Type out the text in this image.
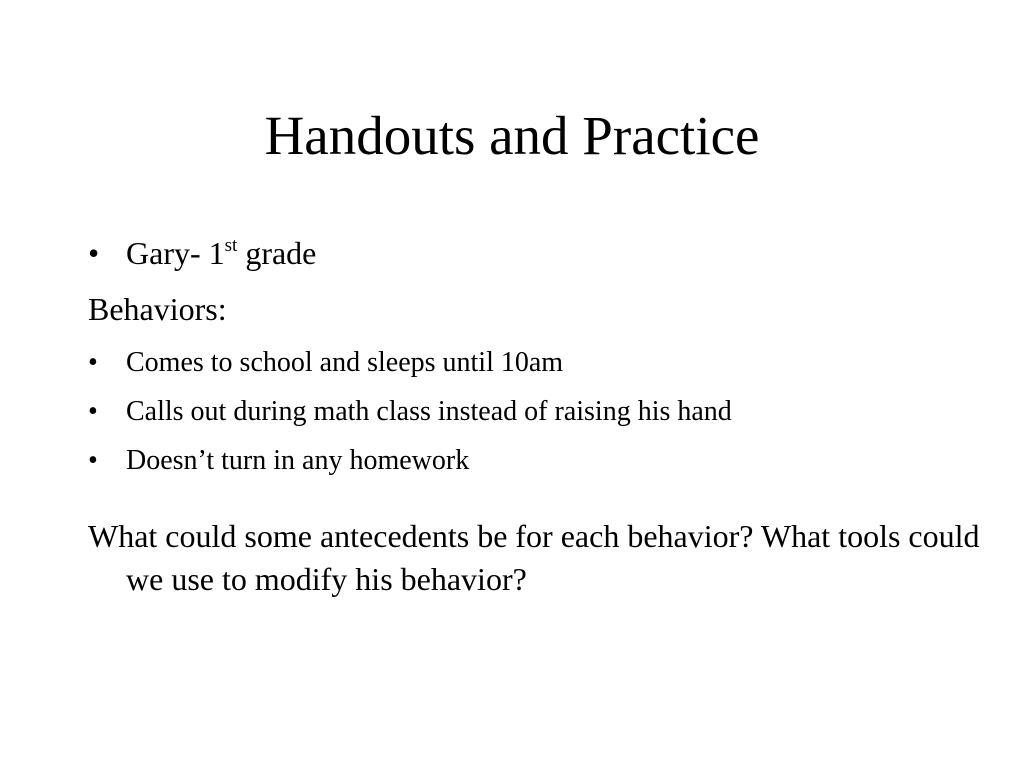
Handouts and Practice
• Gary- 1st grade
Behaviors:
• Comes to school and sleeps until 10am
• Calls out during math class instead of raising his hand
• Doesn’t turn in any homework
What could some antecedents be for each behavior? What tools could we use to modify his behavior?
